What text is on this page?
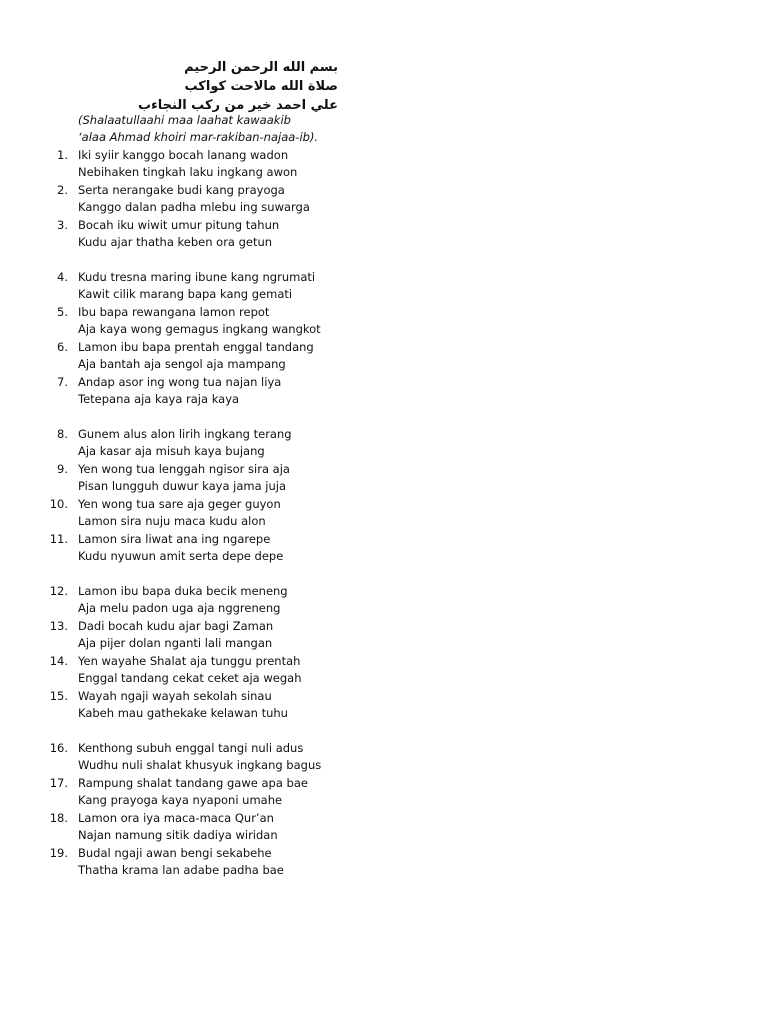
بسم الله الرحمن الرحيم
صلاة الله مالاحت كواكب
علي احمد خير من ركب النجاءب
(Shalaatullaahi maa laahat kawaakib
‘alaa Ahmad khoiri mar-rakiban-najaa-ib).
1. Iki syiir kanggo bocah lanang wadon
Nebihaken tingkah laku ingkang awon
2. Serta nerangake budi kang prayoga
Kanggo dalan padha mlebu ing suwarga
3. Bocah iku wiwit umur pitung tahun
Kudu ajar thatha keben ora getun
4. Kudu tresna maring ibune kang ngrumati
Kawit cilik marang bapa kang gemati
5. Ibu bapa rewangana lamon repot
Aja kaya wong gemagus ingkang wangkot
6. Lamon ibu bapa prentah enggal tandang
Aja bantah aja sengol aja mampang
7. Andap asor ing wong tua najan liya
Tetepana aja kaya raja kaya
8. Gunem alus alon lirih ingkang terang
Aja kasar aja misuh kaya bujang
9. Yen wong tua lenggah ngisor sira aja
Pisan lungguh duwur kaya jama juja
10. Yen wong tua sare aja geger guyon
Lamon sira nuju maca kudu alon
11. Lamon sira liwat ana ing ngarepe
Kudu nyuwun amit serta depe depe
12. Lamon ibu bapa duka becik meneng
Aja melu padon uga aja nggreneng
13. Dadi bocah kudu ajar bagi Zaman
Aja pijer dolan nganti lali mangan
14. Yen wayahe Shalat aja tunggu prentah
Enggal tandang cekat ceket aja wegah
15. Wayah ngaji wayah sekolah sinau
Kabeh mau gathekake kelawan tuhu
16. Kenthong subuh enggal tangi nuli adus
Wudhu nuli shalat khusyuk ingkang bagus
17. Rampung shalat tandang gawe apa bae
Kang prayoga kaya nyaponi umahe
18. Lamon ora iya maca-maca Qur’an
Najan namung sitik dadiya wiridan
19. Budal ngaji awan bengi sekabehe
Thatha krama lan adabe padha bae
